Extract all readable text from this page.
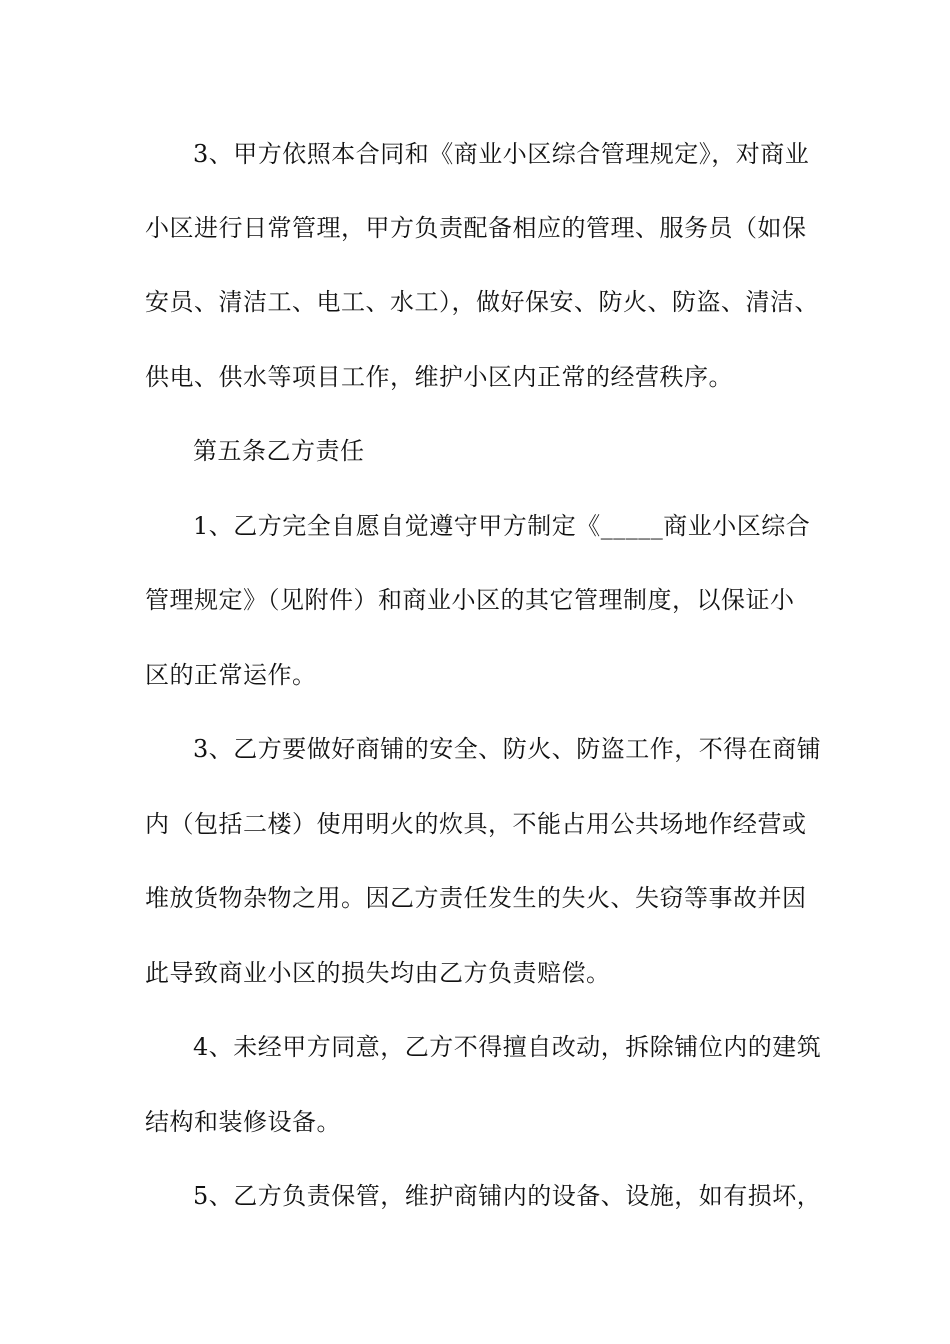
3、甲方依照本合同和《商业小区综合管理规定》，对商业
小区进行日常管理，甲方负责配备相应的管理、服务员（如保
安员、清洁工、电工、水工），做好保安、防火、防盗、清洁、
供电、供水等项目工作，维护小区内正常的经营秩序。
第五条乙方责任
1、乙方完全自愿自觉遵守甲方制定《_____商业小区综合
管理规定》（见附件）和商业小区的其它管理制度，以保证小
区的正常运作。
3、乙方要做好商铺的安全、防火、防盗工作，不得在商铺
内（包括二楼）使用明火的炊具，不能占用公共场地作经营或
堆放货物杂物之用。因乙方责任发生的失火、失窃等事故并因
此导致商业小区的损失均由乙方负责赔偿。
4、未经甲方同意，乙方不得擅自改动，拆除铺位内的建筑
结构和装修设备。
5、乙方负责保管，维护商铺内的设备、设施，如有损坏，
